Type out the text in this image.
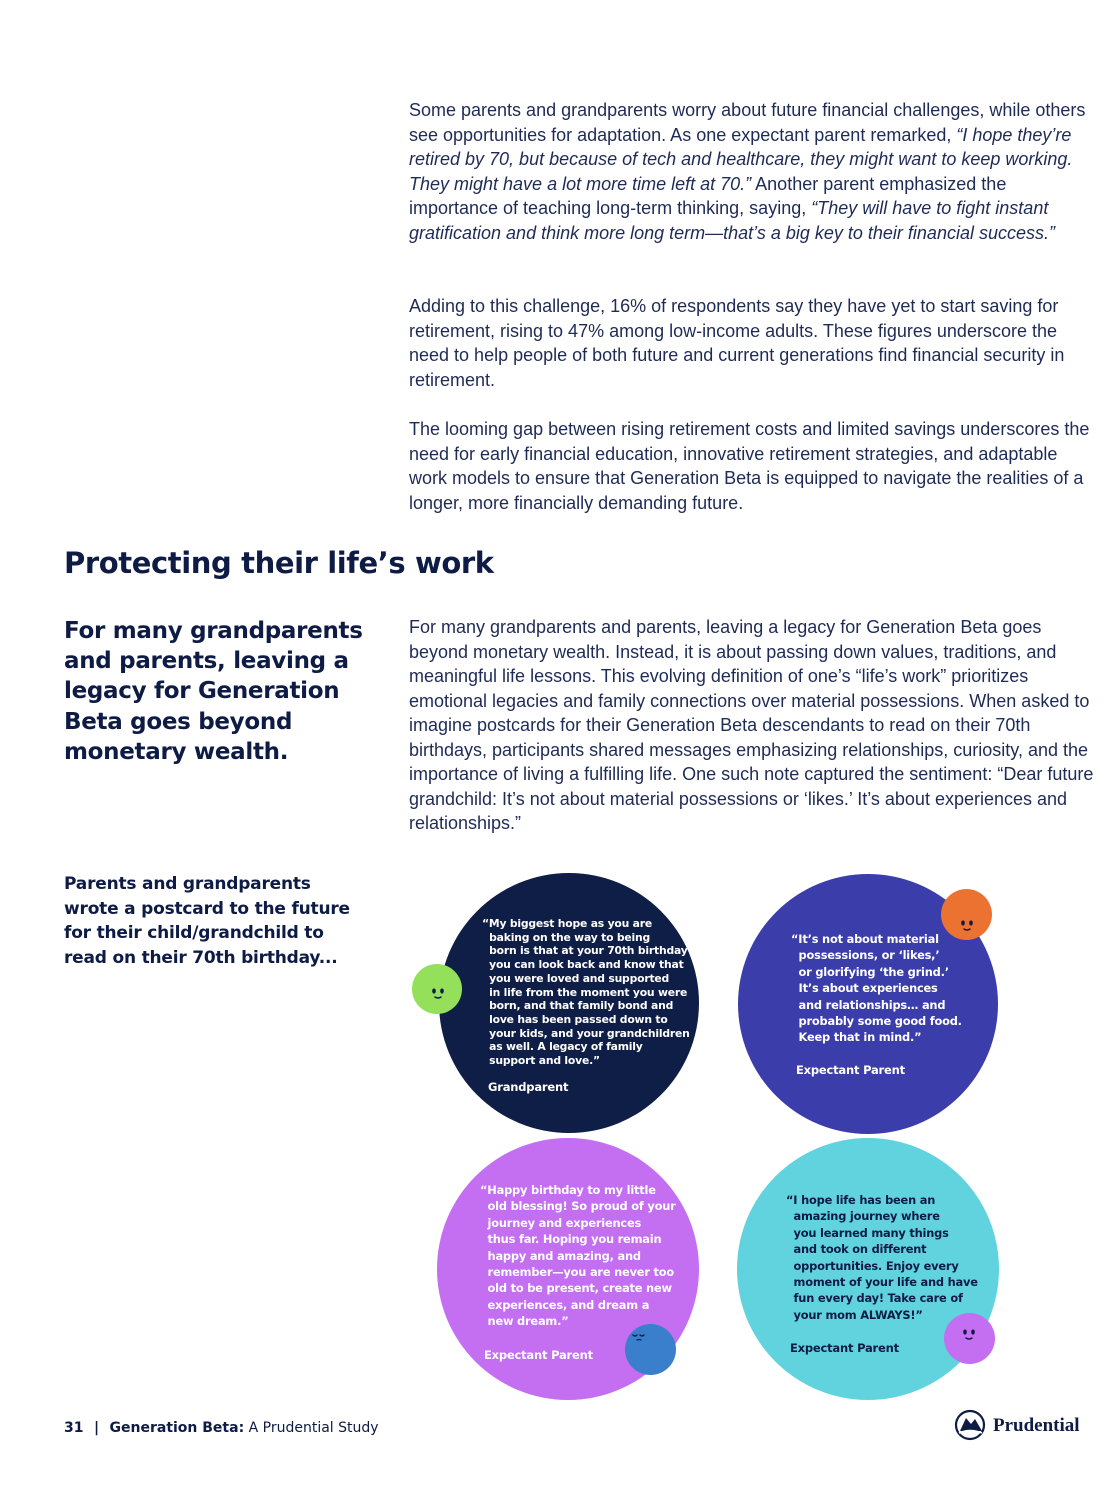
Some parents and grandparents worry about future financial challenges, while others see opportunities for adaptation. As one expectant parent remarked, “I hope they’re retired by 70, but because of tech and healthcare, they might want to keep working. They might have a lot more time left at 70.” Another parent emphasized the importance of teaching long-term thinking, saying, “They will have to fight instant gratification and think more long term—that’s a big key to their financial success.”

Adding to this challenge, 16% of respondents say they have yet to start saving for retirement, rising to 47% among low-income adults. These figures underscore the need to help people of both future and current generations find financial security in retirement.

The looming gap between rising retirement costs and limited savings underscores the need for early financial education, innovative retirement strategies, and adaptable work models to ensure that Generation Beta is equipped to navigate the realities of a longer, more financially demanding future.

Protecting their life’s work

For many grandparents and parents, leaving a legacy for Generation Beta goes beyond monetary wealth.

For many grandparents and parents, leaving a legacy for Generation Beta goes beyond monetary wealth. Instead, it is about passing down values, traditions, and meaningful life lessons. This evolving definition of one’s “life’s work” prioritizes emotional legacies and family connections over material possessions. When asked to imagine postcards for their Generation Beta descendants to read on their 70th birthdays, participants shared messages emphasizing relationships, curiosity, and the importance of living a fulfilling life. One such note captured the sentiment: “Dear future grandchild: It’s not about material possessions or ‘likes.’ It’s about experiences and relationships.”

Parents and grandparents wrote a postcard to the future for their child/grandchild to read on their 70th birthday...

“My biggest hope as you are
baking on the way to being
born is that at your 70th birthday
you can look back and know that
you were loved and supported
in life from the moment you were
born, and that family bond and
love has been passed down to
your kids, and your grandchildren
as well. A legacy of family
support and love.”

Grandparent

“It’s not about material
possessions, or ‘likes,’
or glorifying ‘the grind.’
It’s about experiences
and relationships… and
probably some good food.
Keep that in mind.”

Expectant Parent

“Happy birthday to my little
old blessing! So proud of your
journey and experiences
thus far. Hoping you remain
happy and amazing, and
remember—you are never too
old to be present, create new
experiences, and dream a
new dream.”

Expectant Parent

“I hope life has been an
amazing journey where
you learned many things
and took on different
opportunities. Enjoy every
moment of your life and have
fun every day! Take care of
your mom ALWAYS!”

Expectant Parent

31 | Generation Beta: A Prudential Study	Prudential
